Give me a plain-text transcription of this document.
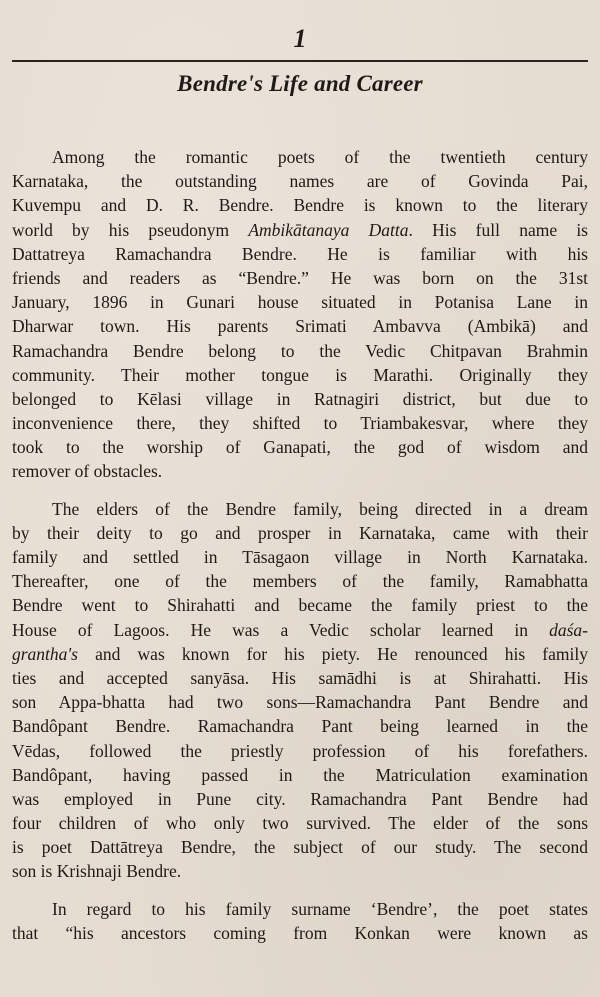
1
Bendre's Life and Career
Among the romantic poets of the twentieth century
Karnataka, the outstanding names are of Govinda Pai,
Kuvempu and D. R. Bendre. Bendre is known to the literary
world by his pseudonym Ambikātanaya Datta. His full name is
Dattatreya Ramachandra Bendre. He is familiar with his
friends and readers as “Bendre.” He was born on the 31st
January, 1896 in Gunari house situated in Potanisa Lane in
Dharwar town. His parents Srimati Ambavva (Ambikā) and
Ramachandra Bendre belong to the Vedic Chitpavan Brahmin
community. Their mother tongue is Marathi. Originally they
belonged to Kēlasi village in Ratnagiri district, but due to
inconvenience there, they shifted to Triambakesvar, where they
took to the worship of Ganapati, the god of wisdom and
remover of obstacles.
The elders of the Bendre family, being directed in a dream
by their deity to go and prosper in Karnataka, came with their
family and settled in Tāsagaon village in North Karnataka.
Thereafter, one of the members of the family, Ramabhatta
Bendre went to Shirahatti and became the family priest to the
House of Lagoos. He was a Vedic scholar learned in daśa-
grantha's and was known for his piety. He renounced his family
ties and accepted sanyāsa. His samādhi is at Shirahatti. His
son Appa-bhatta had two sons—Ramachandra Pant Bendre and
Bandôpant Bendre. Ramachandra Pant being learned in the
Vēdas, followed the priestly profession of his forefathers.
Bandôpant, having passed in the Matriculation examination
was employed in Pune city. Ramachandra Pant Bendre had
four children of who only two survived. The elder of the sons
is poet Dattātreya Bendre, the subject of our study. The second
son is Krishnaji Bendre.
In regard to his family surname ‘Bendre’, the poet states
that “his ancestors coming from Konkan were known as
